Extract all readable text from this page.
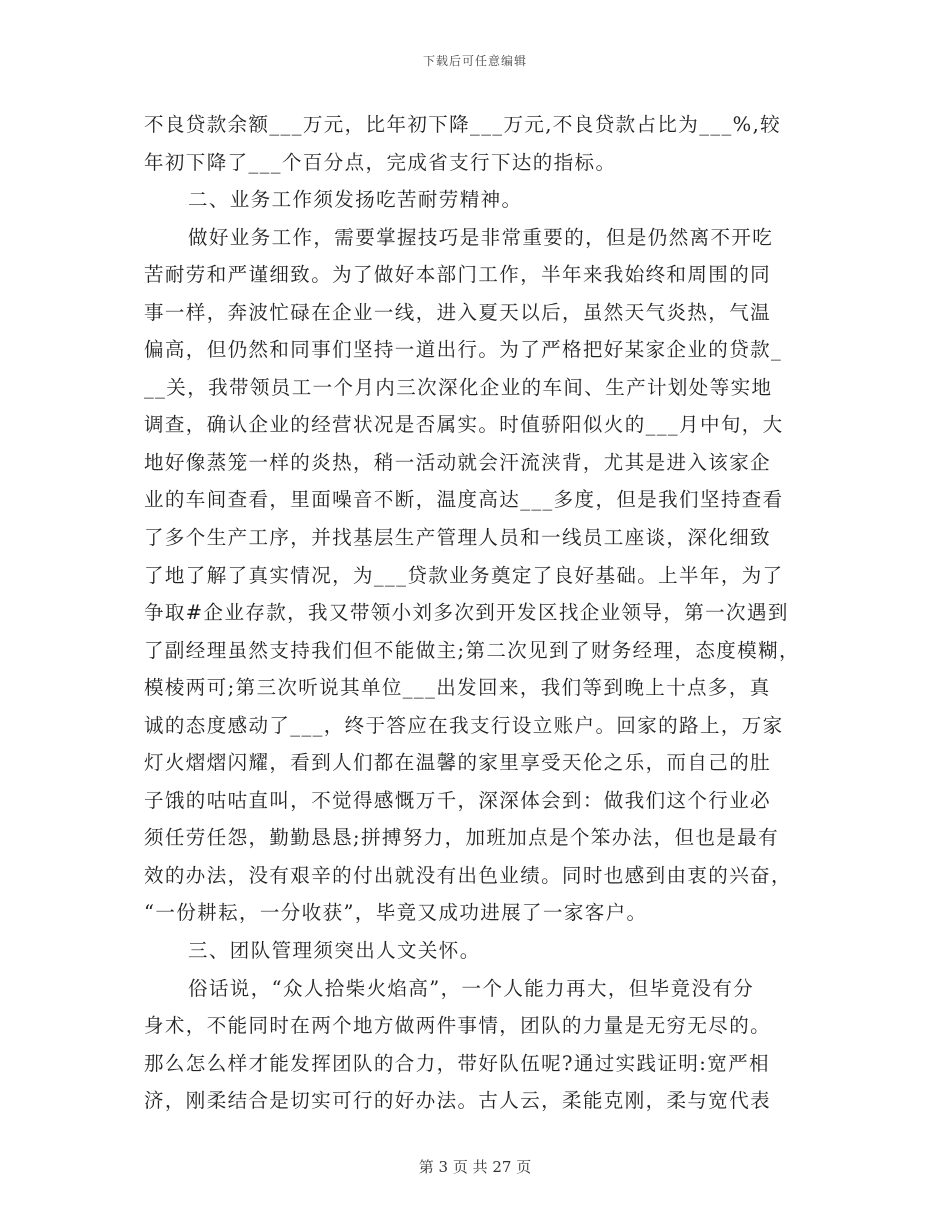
下载后可任意编辑
不良贷款余额___万元，比年初下降___万元,不良贷款占比为___%,较
年初下降了___个百分点，完成省支行下达的指标。
二、业务工作须发扬吃苦耐劳精神。
做好业务工作，需要掌握技巧是非常重要的，但是仍然离不开吃
苦耐劳和严谨细致。为了做好本部门工作，半年来我始终和周围的同
事一样，奔波忙碌在企业一线，进入夏天以后，虽然天气炎热，气温
偏高，但仍然和同事们坚持一道出行。为了严格把好某家企业的贷款_
__关，我带领员工一个月内三次深化企业的车间、生产计划处等实地
调查，确认企业的经营状况是否属实。时值骄阳似火的___月中旬，大
地好像蒸笼一样的炎热，稍一活动就会汗流浃背，尤其是进入该家企
业的车间查看，里面噪音不断，温度高达___多度，但是我们坚持查看
了多个生产工序，并找基层生产管理人员和一线员工座谈，深化细致
了地了解了真实情况，为___贷款业务奠定了良好基础。上半年，为了
争取#企业存款，我又带领小刘多次到开发区找企业领导，第一次遇到
了副经理虽然支持我们但不能做主;第二次见到了财务经理，态度模糊，
模棱两可;第三次听说其单位___出发回来，我们等到晚上十点多，真
诚的态度感动了___，终于答应在我支行设立账户。回家的路上，万家
灯火熠熠闪耀，看到人们都在温馨的家里享受天伦之乐，而自己的肚
子饿的咕咕直叫，不觉得感慨万千，深深体会到：做我们这个行业必
须任劳任怨，勤勤恳恳;拼搏努力，加班加点是个笨办法，但也是最有
效的办法，没有艰辛的付出就没有出色业绩。同时也感到由衷的兴奋，
“一份耕耘，一分收获”，毕竟又成功进展了一家客户。
三、团队管理须突出人文关怀。
俗话说，“众人拾柴火焰高”，一个人能力再大，但毕竟没有分
身术，不能同时在两个地方做两件事情，团队的力量是无穷无尽的。
那么怎么样才能发挥团队的合力，带好队伍呢?通过实践证明:宽严相
济，刚柔结合是切实可行的好办法。古人云，柔能克刚，柔与宽代表
第 3 页 共 27 页
